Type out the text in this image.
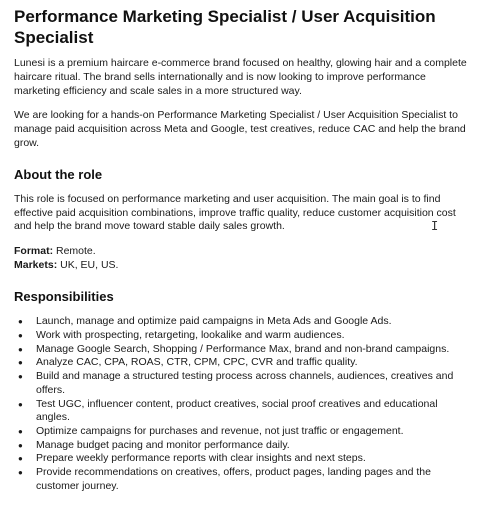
Performance Marketing Specialist / User Acquisition Specialist

Lunesi is a premium haircare e-commerce brand focused on healthy, glowing hair and a complete haircare ritual. The brand sells internationally and is now looking to improve performance marketing efficiency and scale sales in a more structured way.

We are looking for a hands-on Performance Marketing Specialist / User Acquisition Specialist to manage paid acquisition across Meta and Google, test creatives, reduce CAC and help the brand grow.

About the role

This role is focused on performance marketing and user acquisition. The main goal is to find effective paid acquisition combinations, improve traffic quality, reduce customer acquisition cost and help the brand move toward stable daily sales growth.

Format: Remote.
Markets: UK, EU, US.
Responsibilities
● Launch, manage and optimize paid campaigns in Meta Ads and Google Ads.
● Work with prospecting, retargeting, lookalike and warm audiences.
● Manage Google Search, Shopping / Performance Max, brand and non-brand campaigns.
● Analyze CAC, CPA, ROAS, CTR, CPM, CPC, CVR and traffic quality.
● Build and manage a structured testing process across channels, audiences, creatives and offers.
● Test UGC, influencer content, product creatives, social proof creatives and educational angles.
● Optimize campaigns for purchases and revenue, not just traffic or engagement.
● Manage budget pacing and monitor performance daily.
● Prepare weekly performance reports with clear insights and next steps.
● Provide recommendations on creatives, offers, product pages, landing pages and the customer journey.
I
